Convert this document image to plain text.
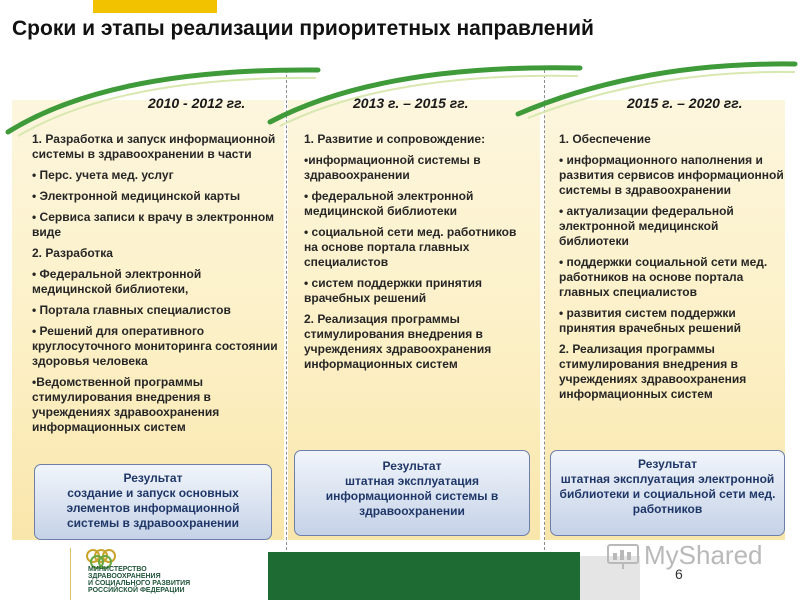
Сроки и этапы реализации приоритетных направлений
2010 - 2012 гг.	2013 г. – 2015 гг.	2015 г. – 2020 гг.

1. Разработка и запуск информационной системы в здравоохранении в части

• Перс. учета мед. услуг

• Электронной медицинской карты

• Сервиса записи к врачу в электронном виде

2. Разработка

• Федеральной электронной медицинской библиотеки,

• Портала главных специалистов

• Решений для оперативного круглосуточного мониторинга состоянии здоровья человека

•Ведомственной программы стимулирования внедрения в учреждениях здравоохранения информационных систем

1. Развитие и сопровождение:

•информационной системы в здравоохранении

• федеральной электронной медицинской библиотеки

• социальной сети мед. работников на основе портала главных специалистов

• систем поддержки принятия врачебных решений

2. Реализация программы стимулирования внедрения в учреждениях здравоохранения информационных систем

1. Обеспечение

• информационного наполнения и развития сервисов информационной системы в здравоохранении

• актуализации федеральной электронной медицинской библиотеки

• поддержки социальной сети мед. работников на основе портала главных специалистов

• развития систем поддержки принятия врачебных решений

2. Реализация программы стимулирования внедрения в учреждениях здравоохранения информационных систем

Результат
создание и запуск основных элементов информационной системы в здравоохранении
Результат
штатная эксплуатация информационной системы в здравоохранении
Результат
штатная эксплуатация электронной библиотеки и социальной сети мед. работников
МИНИСТЕРСТВО
ЗДРАВООХРАНЕНИЯ
И СОЦИАЛЬНОГО РАЗВИТИЯ
РОССИЙСКОЙ ФЕДЕРАЦИИ
MyShared
6
